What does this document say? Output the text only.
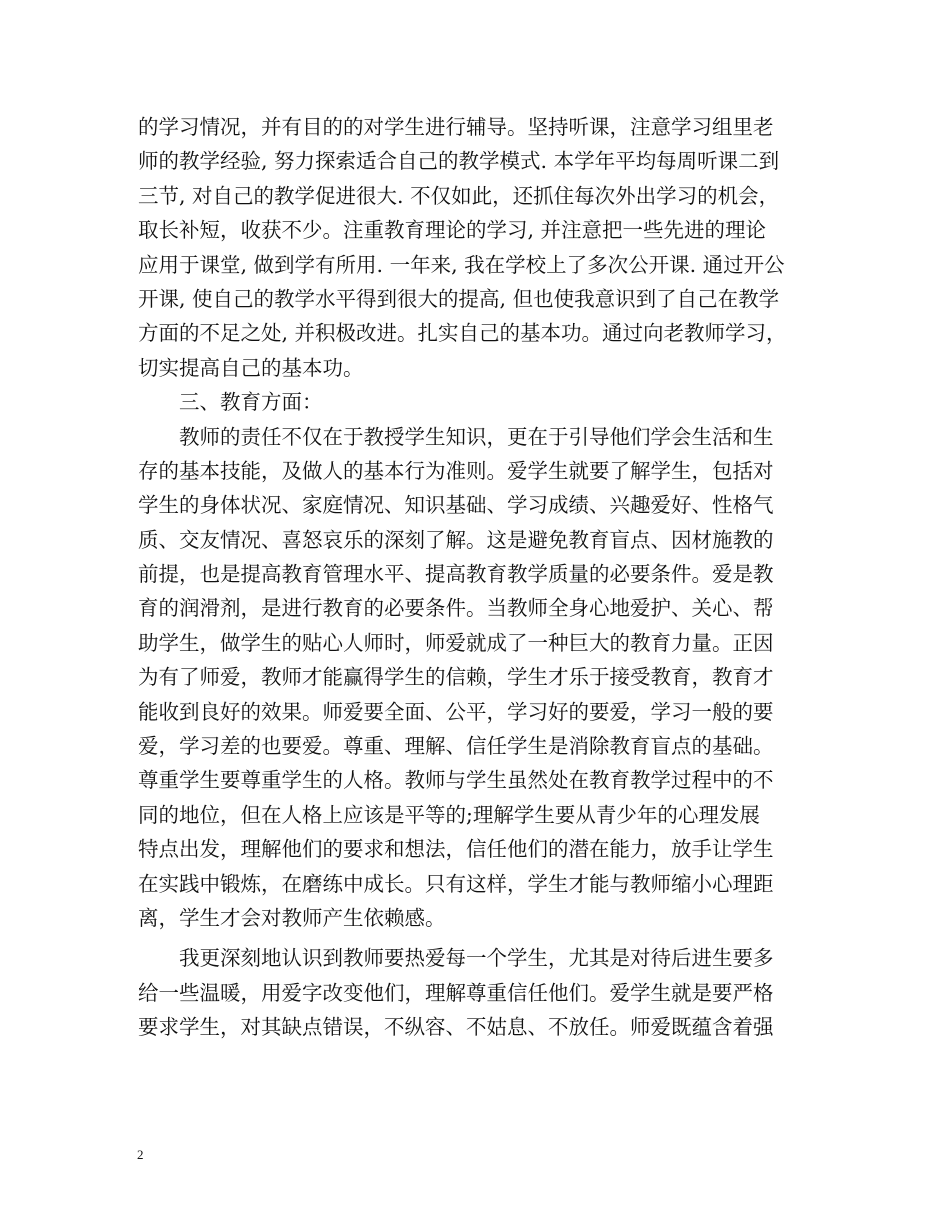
的学习情况，并有目的的对学生进行辅导。坚持听课，注意学习组里老
师的教学经验, 努力探索适合自己的教学模式. 本学年平均每周听课二到
三节, 对自己的教学促进很大. 不仅如此，还抓住每次外出学习的机会，
取长补短，收获不少。注重教育理论的学习, 并注意把一些先进的理论
应用于课堂, 做到学有所用. 一年来, 我在学校上了多次公开课. 通过开公
开课, 使自己的教学水平得到很大的提高, 但也使我意识到了自己在教学
方面的不足之处, 并积极改进。扎实自己的基本功。通过向老教师学习，
切实提高自己的基本功。
　　三、教育方面：
　　教师的责任不仅在于教授学生知识，更在于引导他们学会生活和生
存的基本技能，及做人的基本行为准则。爱学生就要了解学生，包括对
学生的身体状况、家庭情况、知识基础、学习成绩、兴趣爱好、性格气
质、交友情况、喜怒哀乐的深刻了解。这是避免教育盲点、因材施教的
前提，也是提高教育管理水平、提高教育教学质量的必要条件。爱是教
育的润滑剂，是进行教育的必要条件。当教师全身心地爱护、关心、帮
助学生，做学生的贴心人师时，师爱就成了一种巨大的教育力量。正因
为有了师爱，教师才能赢得学生的信赖，学生才乐于接受教育，教育才
能收到良好的效果。师爱要全面、公平，学习好的要爱，学习一般的要
爱，学习差的也要爱。尊重、理解、信任学生是消除教育盲点的基础。
尊重学生要尊重学生的人格。教师与学生虽然处在教育教学过程中的不
同的地位，但在人格上应该是平等的;理解学生要从青少年的心理发展
特点出发，理解他们的要求和想法，信任他们的潜在能力，放手让学生
在实践中锻炼，在磨练中成长。只有这样，学生才能与教师缩小心理距
离，学生才会对教师产生依赖感。
　　我更深刻地认识到教师要热爱每一个学生，尤其是对待后进生要多
给一些温暖，用爱字改变他们，理解尊重信任他们。爱学生就是要严格
要求学生，对其缺点错误，不纵容、不姑息、不放任。师爱既蕴含着强
2
